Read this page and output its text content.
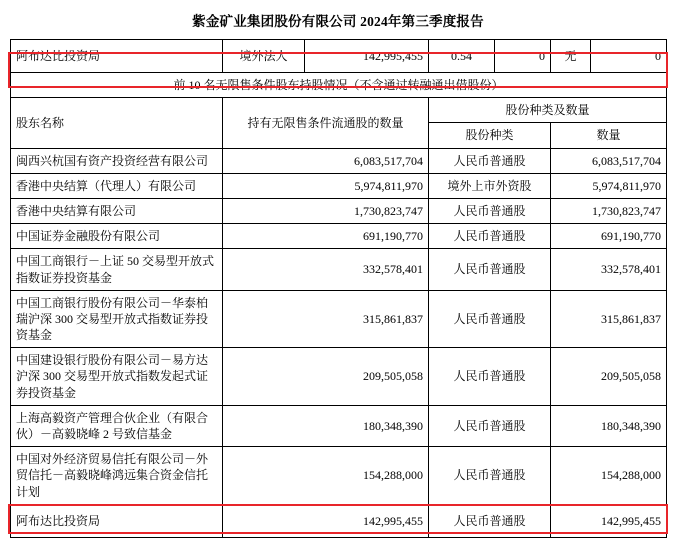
紫金矿业集团股份有限公司 2024年第三季度报告
阿布达比投资局	境外法人	142,995,455	0.54	0	无	0
前 10 名无限售条件股东持股情况（不含通过转融通出借股份）						
股东名称	持有无限售条件流通股的数量		股份种类及数量			
			股份种类		数量	
闽西兴杭国有资产投资经营有限公司	6,083,517,704		人民币普通股		6,083,517,704	
香港中央结算（代理人）有限公司	5,974,811,970		境外上市外资股		5,974,811,970	
香港中央结算有限公司	1,730,823,747		人民币普通股		1,730,823,747	
中国证券金融股份有限公司	691,190,770		人民币普通股		691,190,770	
中国工商银行－上证 50 交易型开放式指数证券投资基金	332,578,401		人民币普通股		332,578,401	
中国工商银行股份有限公司－华泰柏瑞沪深 300 交易型开放式指数证券投资基金	315,861,837		人民币普通股		315,861,837	
中国建设银行股份有限公司－易方达沪深 300 交易型开放式指数发起式证券投资基金	209,505,058		人民币普通股		209,505,058	
上海高毅资产管理合伙企业（有限合伙）－高毅晓峰 2 号致信基金	180,348,390		人民币普通股		180,348,390	
中国对外经济贸易信托有限公司－外贸信托－高毅晓峰鸿远集合资金信托计划	154,288,000		人民币普通股		154,288,000	
阿布达比投资局	142,995,455		人民币普通股		142,995,455	
